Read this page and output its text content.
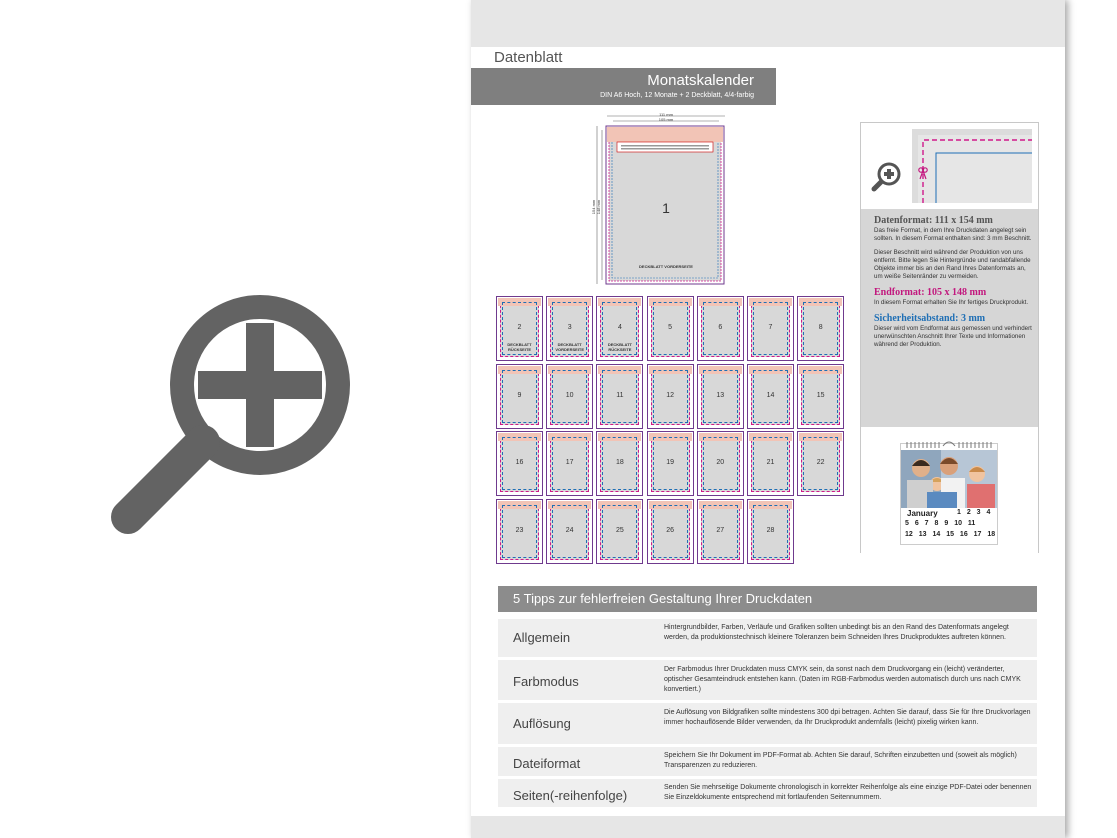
Datenblatt
Monatskalender
DIN A6 Hoch, 12 Monate + 2 Deckblatt, 4/4-farbig
111 mm
105 mm
154 mm 148 mm	1
DECKBLATT VORDERSEITE
2
DECKBLATT RÜCKSEITE
3
DECKBLATT VORDERSEITE
4
DECKBLATT RÜCKSEITE
5	6	7	8
9	10	11	12	13	14	15
16	17	18	19	20	21	22
23	24	25	26	27	28
Datenformat: 111 x 154 mm

Das freie Format, in dem Ihre Druckdaten angelegt sein sollten. In diesem Format enthalten sind: 3 mm Beschnitt.

Dieser Beschnitt wird während der Produktion von uns entfernt. Bitte legen Sie Hintergründe und randabfallende Objekte immer bis an den Rand Ihres Datenformats an, um weiße Seitenränder zu vermeiden.

Endformat: 105 x 148 mm

In diesem Format erhalten Sie Ihr fertiges Druckprodukt.

Sicherheitsabstand: 3 mm

Dieser wird vom Endformat aus gemessen und verhindert unerwünschten Anschnitt Ihrer Texte und Informationen während der Produktion.

January	1 2 3 4
5 6 7 8 9 10 11
12 13 14 15 16 17 18
5 Tipps zur fehlerfreien Gestaltung Ihrer Druckdaten
Allgemein
Hintergrundbilder, Farben, Verläufe und Grafiken sollten unbedingt bis an den Rand des Datenformats angelegt werden, da produktionstechnisch kleinere Toleranzen beim Schneiden Ihres Druckproduktes auftreten können.
Farbmodus
Der Farbmodus Ihrer Druckdaten muss CMYK sein, da sonst nach dem Druckvorgang ein (leicht) veränderter, optischer Gesamteindruck entstehen kann. (Daten im RGB-Farbmodus werden automatisch durch uns nach CMYK konvertiert.)
Auflösung
Die Auflösung von Bildgrafiken sollte mindestens 300 dpi betragen. Achten Sie darauf, dass Sie für Ihre Druckvorlagen immer hochauflösende Bilder verwenden, da Ihr Druckprodukt andernfalls (leicht) pixelig wirken kann.
Dateiformat
Speichern Sie Ihr Dokument im PDF-Format ab. Achten Sie darauf, Schriften einzubetten und (soweit als möglich) Transparenzen zu reduzieren.
Seiten(-reihenfolge)
Senden Sie mehrseitige Dokumente chronologisch in korrekter Reihenfolge als eine einzige PDF-Datei oder benennen Sie Einzeldokumente entsprechend mit fortlaufenden Seitennummern.
